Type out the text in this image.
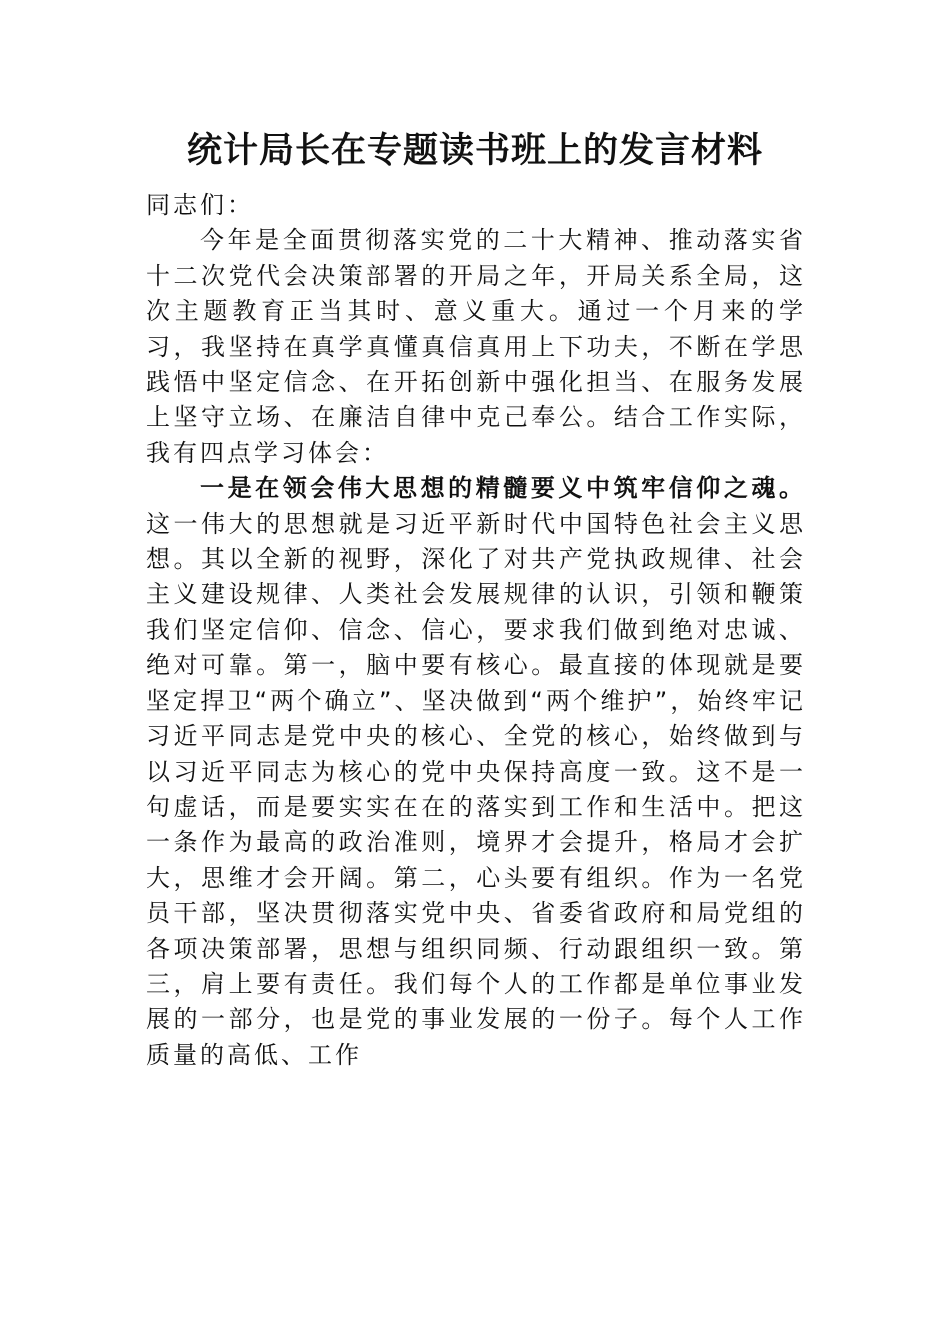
统计局长在专题读书班上的发言材料

同志们：

今年是全面贯彻落实党的二十大精神、推动落实省十二次党代会决策部署的开局之年，开局关系全局，这次主题教育正当其时、意义重大。通过一个月来的学习，我坚持在真学真懂真信真用上下功夫，不断在学思践悟中坚定信念、在开拓创新中强化担当、在服务发展上坚守立场、在廉洁自律中克己奉公。结合工作实际，我有四点学习体会：

一是在领会伟大思想的精髓要义中筑牢信仰之魂。这一伟大的思想就是习近平新时代中国特色社会主义思想。其以全新的视野，深化了对共产党执政规律、社会主义建设规律、人类社会发展规律的认识，引领和鞭策我们坚定信仰、信念、信心，要求我们做到绝对忠诚、绝对可靠。第一，脑中要有核心。最直接的体现就是要坚定捍卫“两个确立”、坚决做到“两个维护”，始终牢记习近平同志是党中央的核心、全党的核心，始终做到与以习近平同志为核心的党中央保持高度一致。这不是一句虚话，而是要实实在在的落实到工作和生活中。把这一条作为最高的政治准则，境界才会提升，格局才会扩大，思维才会开阔。第二，心头要有组织。作为一名党员干部，坚决贯彻落实党中央、省委省政府和局党组的各项决策部署，思想与组织同频、行动跟组织一致。第三，肩上要有责任。我们每个人的工作都是单位事业发展的一部分，也是党的事业发展的一份子。每个人工作质量的高低、工作
